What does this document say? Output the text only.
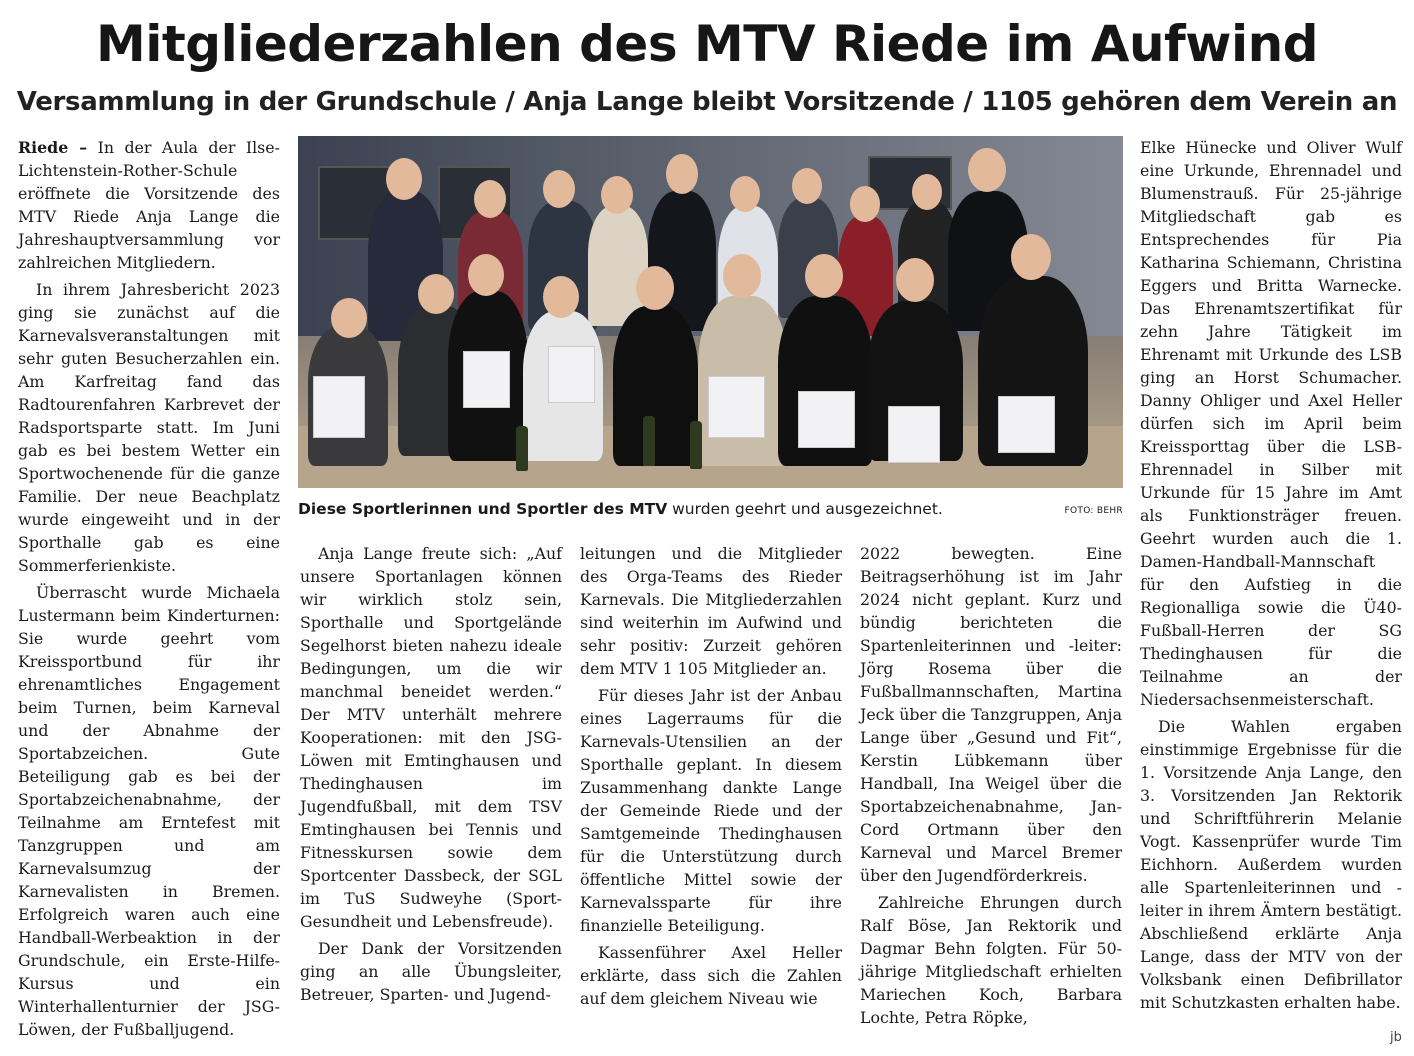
Mitgliederzahlen des MTV Riede im Aufwind
Versammlung in der Grundschule / Anja Lange bleibt Vorsitzende / 1105 gehören dem Verein an

Riede – In der Aula der Ilse-Lichtenstein-Rother-Schule eröffnete die Vorsitzende des MTV Riede Anja Lange die Jahreshauptversammlung vor zahlreichen Mitgliedern.

In ihrem Jahresbericht 2023 ging sie zunächst auf die Karnevalsveranstaltungen mit sehr guten Besucherzahlen ein. Am Karfreitag fand das Radtourenfahren Karbrevet der Radsportsparte statt. Im Juni gab es bei bestem Wetter ein Sportwochenende für die ganze Familie. Der neue Beachplatz wurde eingeweiht und in der Sporthalle gab es eine Sommerferienkiste.

Überrascht wurde Michaela Lustermann beim Kinderturnen: Sie wurde geehrt vom Kreissportbund für ihr ehrenamtliches Engagement beim Turnen, beim Karneval und der Abnahme der Sportabzeichen. Gute Beteiligung gab es bei der Sportabzeichenabnahme, der Teilnahme am Erntefest mit Tanzgruppen und am Karnevalsumzug der Karnevalisten in Bremen. Erfolgreich waren auch eine Handball-Werbeaktion in der Grundschule, ein Erste-Hilfe-Kursus und ein Winterhallenturnier der JSG-Löwen, der Fußballjugend.

Diese Sportlerinnen und Sportler des MTV wurden geehrt und ausgezeichnet.	FOTO: BEHR

Anja Lange freute sich: „Auf unsere Sportanlagen können wir wirklich stolz sein, Sporthalle und Sportgelände Segelhorst bieten nahezu ideale Bedingungen, um die wir manchmal beneidet werden.“ Der MTV unterhält mehrere Kooperationen: mit den JSG-Löwen mit Emtinghausen und Thedinghausen im Jugendfußball, mit dem TSV Emtinghausen bei Tennis und Fitnesskursen sowie dem Sportcenter Dassbeck, der SGL im TuS Sudweyhe (Sport-Gesundheit und Lebensfreude).

Der Dank der Vorsitzenden ging an alle Übungsleiter, Betreuer, Sparten- und Jugend-

leitungen und die Mitglieder des Orga-Teams des Rieder Karnevals. Die Mitgliederzahlen sind weiterhin im Aufwind und sehr positiv: Zurzeit gehören dem MTV 1 105 Mitglieder an.

Für dieses Jahr ist der Anbau eines Lagerraums für die Karnevals-Utensilien an der Sporthalle geplant. In diesem Zusammenhang dankte Lange der Gemeinde Riede und der Samtgemeinde Thedinghausen für die Unterstützung durch öffentliche Mittel sowie der Karnevalssparte für ihre finanzielle Beteiligung.

Kassenführer Axel Heller erklärte, dass sich die Zahlen auf dem gleichem Niveau wie

2022 bewegten. Eine Beitragserhöhung ist im Jahr 2024 nicht geplant. Kurz und bündig berichteten die Spartenleiterinnen und -leiter: Jörg Rosema über die Fußballmannschaften, Martina Jeck über die Tanzgruppen, Anja Lange über „Gesund und Fit“, Kerstin Lübkemann über Handball, Ina Weigel über die Sportabzeichenabnahme, Jan-Cord Ortmann über den Karneval und Marcel Bremer über den Jugendförderkreis.

Zahlreiche Ehrungen durch Ralf Böse, Jan Rektorik und Dagmar Behn folgten. Für 50-jährige Mitgliedschaft erhielten Mariechen Koch, Barbara Lochte, Petra Röpke,

Elke Hünecke und Oliver Wulf eine Urkunde, Ehrennadel und Blumenstrauß. Für 25-jährige Mitgliedschaft gab es Entsprechendes für Pia Katharina Schiemann, Christina Eggers und Britta Warnecke. Das Ehrenamtszertifikat für zehn Jahre Tätigkeit im Ehrenamt mit Urkunde des LSB ging an Horst Schumacher. Danny Ohliger und Axel Heller dürfen sich im April beim Kreissporttag über die LSB-Ehrennadel in Silber mit Urkunde für 15 Jahre im Amt als Funktionsträger freuen. Geehrt wurden auch die 1. Damen-Handball-Mannschaft für den Aufstieg in die Regionalliga sowie die Ü40-Fußball-Herren der SG Thedinghausen für die Teilnahme an der Niedersachsenmeisterschaft.

Die Wahlen ergaben einstimmige Ergebnisse für die 1. Vorsitzende Anja Lange, den 3. Vorsitzenden Jan Rektorik und Schriftführerin Melanie Vogt. Kassenprüfer wurde Tim Eichhorn. Außerdem wurden alle Spartenleiterinnen und -leiter in ihrem Ämtern bestätigt. Abschließend erklärte Anja Lange, dass der MTV von der Volksbank einen Defibrillator mit Schutzkasten erhalten habe.

jb
